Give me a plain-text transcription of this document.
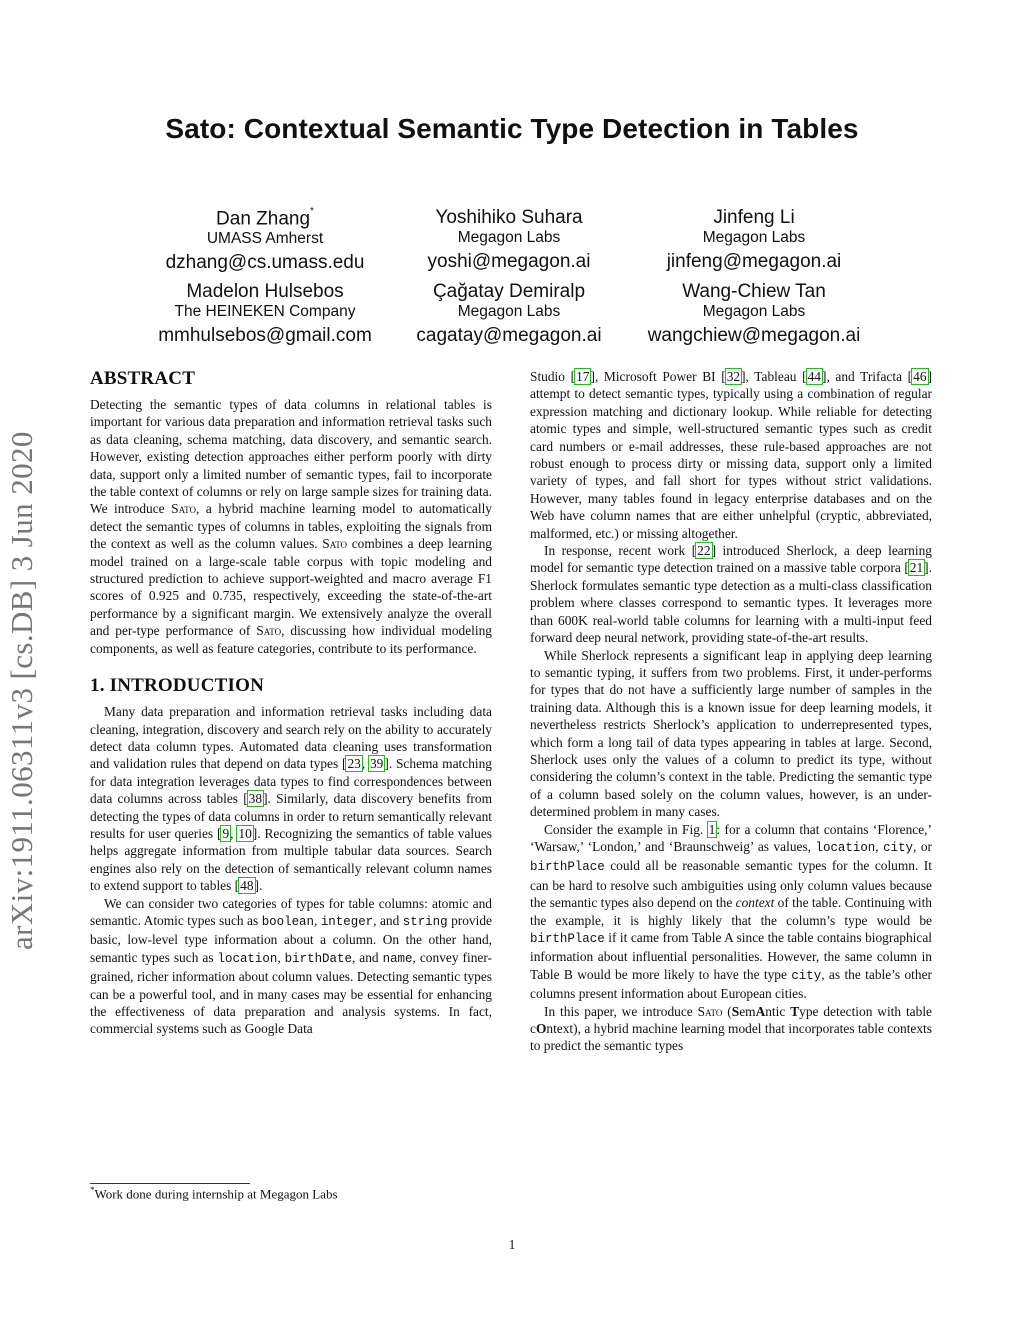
Sato: Contextual Semantic Type Detection in Tables
Dan Zhang*
UMASS Amherst
dzhang@cs.umass.edu
Yoshihiko Suhara
Megagon Labs
yoshi@megagon.ai
Jinfeng Li
Megagon Labs
jinfeng@megagon.ai
Madelon Hulsebos
The HEINEKEN Company
mmhulsebos@gmail.com
Çağatay Demiralp
Megagon Labs
cagatay@megagon.ai
Wang-Chiew Tan
Megagon Labs
wangchiew@megagon.ai
arXiv:1911.06311v3 [cs.DB] 3 Jun 2020
ABSTRACT

Detecting the semantic types of data columns in relational tables is important for various data preparation and information retrieval tasks such as data cleaning, schema matching, data discovery, and semantic search. However, existing detection approaches either perform poorly with dirty data, support only a limited number of semantic types, fail to incorporate the table context of columns or rely on large sample sizes for training data. We introduce Sato, a hybrid machine learning model to automatically detect the semantic types of columns in tables, exploiting the signals from the context as well as the column values. Sato combines a deep learning model trained on a large-scale table corpus with topic modeling and structured prediction to achieve support-weighted and macro average F1 scores of 0.925 and 0.735, respectively, exceeding the state-of-the-art performance by a significant margin. We extensively analyze the overall and per-type performance of Sato, discussing how individual modeling components, as well as feature categories, contribute to its performance.

1. INTRODUCTION

Many data preparation and information retrieval tasks including data cleaning, integration, discovery and search rely on the ability to accurately detect data column types. Automated data cleaning uses transformation and validation rules that depend on data types [23, 39]. Schema matching for data integration leverages data types to find correspondences between data columns across tables [38]. Similarly, data discovery benefits from detecting the types of data columns in order to return semantically relevant results for user queries [9, 10]. Recognizing the semantics of table values helps aggregate information from multiple tabular data sources. Search engines also rely on the detection of semantically relevant column names to extend support to tables [48].

We can consider two categories of types for table columns: atomic and semantic. Atomic types such as boolean, integer, and string provide basic, low-level type information about a column. On the other hand, semantic types such as location, birthDate, and name, convey finer-grained, richer information about column values. Detecting semantic types can be a powerful tool, and in many cases may be essential for enhancing the effectiveness of data preparation and analysis systems. In fact, commercial systems such as Google Data

Studio [17], Microsoft Power BI [32], Tableau [44], and Trifacta [46] attempt to detect semantic types, typically using a combination of regular expression matching and dictionary lookup. While reliable for detecting atomic types and simple, well-structured semantic types such as credit card numbers or e-mail addresses, these rule-based approaches are not robust enough to process dirty or missing data, support only a limited variety of types, and fall short for types without strict validations. However, many tables found in legacy enterprise databases and on the Web have column names that are either unhelpful (cryptic, abbreviated, malformed, etc.) or missing altogether.

In response, recent work [22] introduced Sherlock, a deep learning model for semantic type detection trained on a massive table corpora [21]. Sherlock formulates semantic type detection as a multi-class classification problem where classes correspond to semantic types. It leverages more than 600K real-world table columns for learning with a multi-input feed forward deep neural network, providing state-of-the-art results.

While Sherlock represents a significant leap in applying deep learning to semantic typing, it suffers from two problems. First, it under-performs for types that do not have a sufficiently large number of samples in the training data. Although this is a known issue for deep learning models, it nevertheless restricts Sherlock’s application to underrepresented types, which form a long tail of data types appearing in tables at large. Second, Sherlock uses only the values of a column to predict its type, without considering the column’s context in the table. Predicting the semantic type of a column based solely on the column values, however, is an under-determined problem in many cases.

Consider the example in Fig. 1: for a column that contains ‘Florence,’ ‘Warsaw,’ ‘London,’ and ‘Braunschweig’ as values, location, city, or birthPlace could all be reasonable semantic types for the column. It can be hard to resolve such ambiguities using only column values because the semantic types also depend on the context of the table. Continuing with the example, it is highly likely that the column’s type would be birthPlace if it came from Table A since the table contains biographical information about influential personalities. However, the same column in Table B would be more likely to have the type city, as the table’s other columns present information about European cities.

In this paper, we introduce Sato (SemAntic Type detection with table cOntext), a hybrid machine learning model that incorporates table contexts to predict the semantic types

*Work done during internship at Megagon Labs
1
